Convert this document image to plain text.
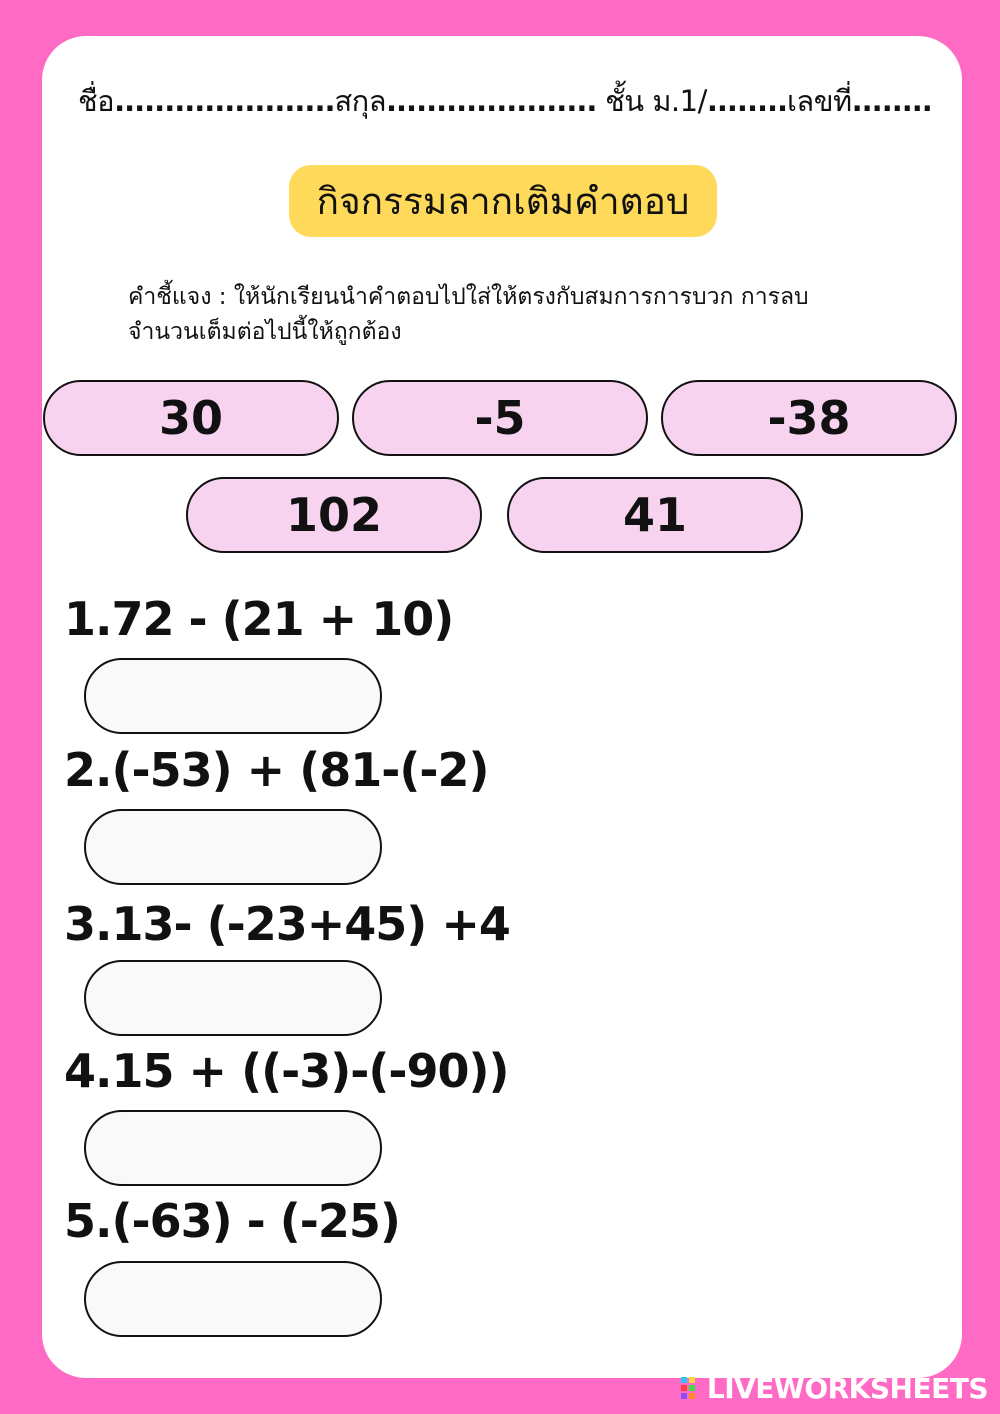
ชื่อ......................สกุล..................... ชั้น ม.1/........เลขที่........
กิจกรรมลากเติมคำตอบ
คำชี้แจง : ให้นักเรียนนำคำตอบไปใส่ให้ตรงกับสมการการบวก การลบ
จำนวนเต็มต่อไปนี้ให้ถูกต้อง
30	-5	-38
102	41
1.72 - (21 + 10)
2.(-53) + (81-(-2)
3.13- (-23+45) +4
4.15 + ((-3)-(-90))
5.(-63) - (-25)
LIVEWORKSHEETS
